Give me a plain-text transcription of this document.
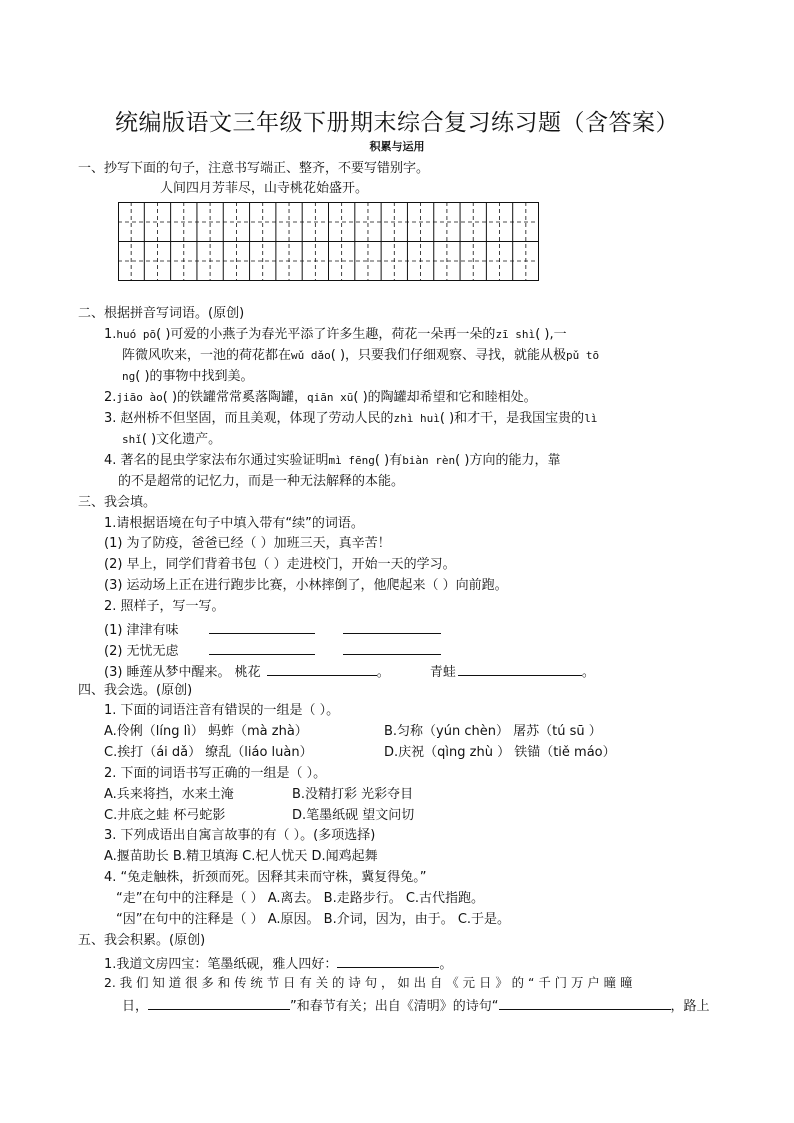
统编版语文三年级下册期末综合复习练习题（含答案）
积累与运用
一、抄写下面的句子，注意书写端正、整齐，不要写错别字。
人间四月芳菲尽，山寺桃花始盛开。
二、根据拼音写词语。(原创)
1.huó pō( )可爱的小燕子为春光平添了许多生趣，荷花一朵再一朵的zī shì( ),一
阵微风吹来，一池的荷花都在wǔ dǎo( )，只要我们仔细观察、寻找，就能从极pǔ tō
ng( )的事物中找到美。
2.jiāo ào( )的铁罐常常奚落陶罐，qiān xū( )的陶罐却希望和它和睦相处。
3. 赵州桥不但坚固，而且美观，体现了劳动人民的zhì huì( )和才干，是我国宝贵的lì
shǐ( )文化遗产。
4. 著名的昆虫学家法布尔通过实验证明mì fēng( )有biàn rèn( )方向的能力，靠
的不是超常的记忆力，而是一种无法解释的本能。
三、我会填。
1.请根据语境在句子中填入带有“续”的词语。
(1) 为了防疫，爸爸已经（ ）加班三天，真辛苦！
(2) 早上，同学们背着书包（ ）走进校门，开始一天的学习。
(3) 运动场上正在进行跑步比赛，小林摔倒了，他爬起来（ ）向前跑。
2. 照样子，写一写。
(1) 津津有味
(2) 无忧无虑
(3) 睡莲从梦中醒来。 桃花	。	青蛙	。
四、我会选。(原创)
1. 下面的词语注音有错误的一组是（ ）。
A.伶俐（líng lì） 蚂蚱（mà zhà）	B.匀称（yún chèn） 屠苏（tú sū ）
C.挨打（ái dǎ） 缭乱（liáo luàn）	D.庆祝（qìng zhù ） 铁锚（tiě máo）
2. 下面的词语书写正确的一组是（ ）。
A.兵来将挡，水来土淹	B.没精打彩 光彩夺目
C.井底之蛙 杯弓蛇影	D.笔墨纸砚 望文问切
3. 下列成语出自寓言故事的有（ ）。(多项选择)
A.揠苗助长 B.精卫填海 C.杞人忧天 D.闻鸡起舞
4. “兔走触株，折颈而死。因释其耒而守株，冀复得兔。”
“走”在句中的注释是（ ） A.离去。 B.走路步行。 C.古代指跑。
“因”在句中的注释是（ ） A.原因。 B.介词，因为，由于。 C.于是。
五、我会积累。(原创)
1.我道文房四宝：笔墨纸砚，雅人四好：	。
2. 我 们 知 道 很 多 和 传 统 节 日 有 关 的 诗 句 ， 如 出 自 《 元 日 》 的 “ 千 门 万 户 曈 曈
日，	”和春节有关；出自《清明》的诗句“	，路上
